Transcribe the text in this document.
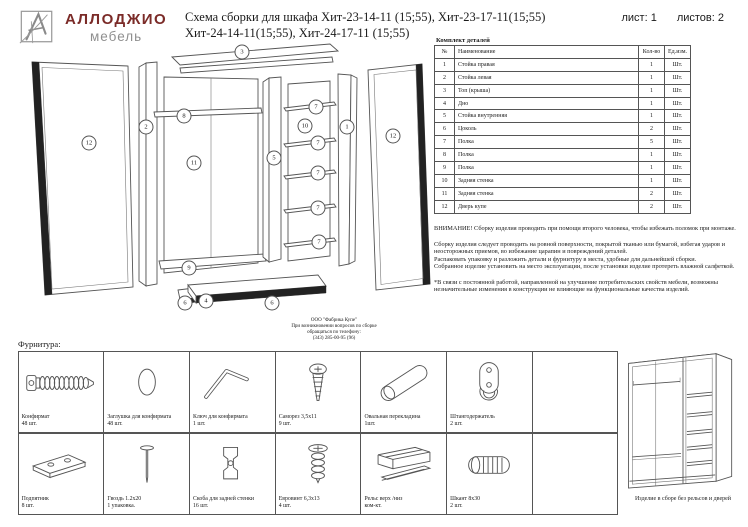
АЛЛОДЖИО
мебель
Схема сборки для шкафа Хит-23-14-11 (15;55), Хит-23-17-11(15;55)
Хит-24-14-11(15;55), Хит-24-17-11 (15;55)
лист: 1 листов: 2
3
12
2
8
11
5
7
10
7
7
7
7
1
12
9
6	4	6
ООО "Фабрика Купе"
При возникновении вопросов по сборке
обращаться по телефону:
(343) 285-00-95 (96)
Комплект деталей
№	Наименование	Кол-во	Ед.изм.
1	Стойка правая	1	Шт.
2	Стойка левая	1	Шт.
3	Топ (крыша)	1	Шт.
4	Дно	1	Шт.
5	Стойка внутренняя	1	Шт.
6	Цоколь	2	Шт.
7	Полка	5	Шт.
8	Полка	1	Шт.
9	Полка	1	Шт.
10	Задняя стенка	1	Шт.
11	Задняя стенка	2	Шт.
12	Дверь купе	2	Шт.

ВНИМАНИЕ! Сборку изделия проводить при помощи второго человека, чтобы избежать поломок при монтаже.

Сборку изделия следует проводить на ровной поверхности, покрытой тканью или бумагой, избегая ударов и неосторожных приемов, во избежание царапин и повреждений деталей.
Распаковать упаковку и разложить детали и фурнитуру в места, удобные для дальнейшей сборки.
Собранное изделие установить на место эксплуатации, после установки изделие протереть влажной салфеткой.

*В связи с постоянной работой, направленной на улучшение потребительских свойств мебели, возможны незначительные изменения в конструкции не влияющие на функциональные качества изделий.

Фурнитура:
Конфирмат
48 шт.
Заглушка для конфирмата
48 шт.
Ключ для конфирмата
1 шт.
Саморез 3,5х11
9 шт.
Овальная перекладина
1шт.
Штангодержатель
2 шт.
Подпятник
8 шт.
Гвоздь 1.2х20
1 упаковка.
Скоба для задней стенки
16 шт.
Евровинт 6,3х13
4 шт.
Рельс верх /низ
ком-кт.
Шкант 8х30
2 шт.
Изделие в сборе без рельсов и дверей
